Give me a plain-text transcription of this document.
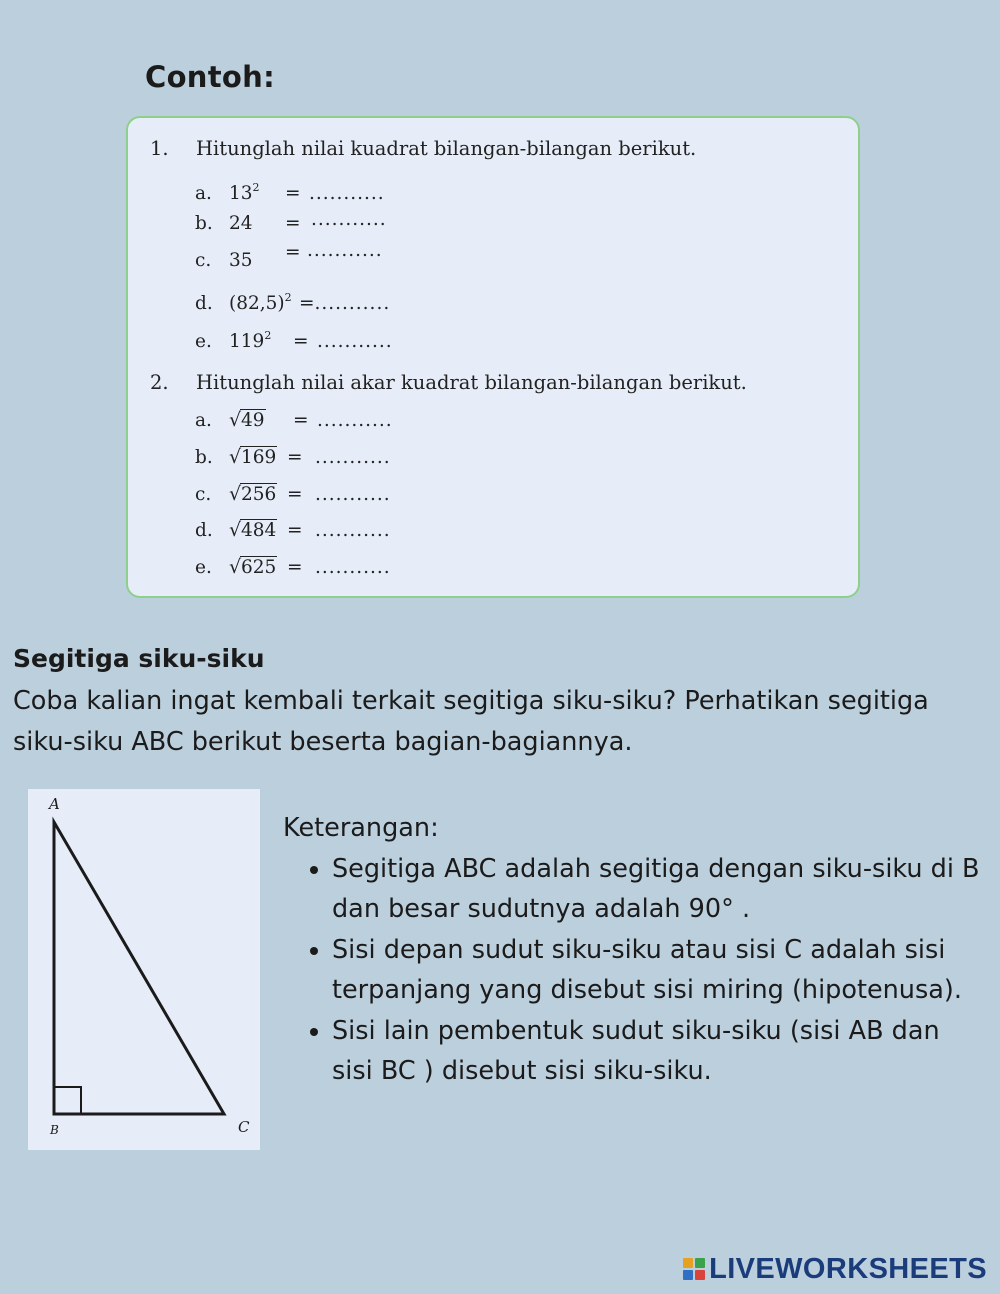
Contoh:
1. Hitunglah nilai kuadrat bilangan-bilangan berikut.
a. $13^2$ = ...........
b. 24 = ...........
c. 35 = ...........
d. $(82,5)^2$ =...........
e. $119^2$ = ...........
2. Hitunglah nilai akar kuadrat bilangan-bilangan berikut.
a. √ 49 = ...........
b. √ 169 = ...........
c. √ 256 = ...........
d. √ 484 = ...........
e. √ 625 = ...........
Segitiga siku-siku
Coba kalian ingat kembali terkait segitiga siku-siku? Perhatikan segitiga siku-siku ABC berikut beserta bagian-bagiannya.
A
B	C
Keterangan:
• Segitiga ABC adalah segitiga dengan siku-siku di B dan besar sudutnya adalah 90° .
• Sisi depan sudut siku-siku atau sisi C adalah sisi terpanjang yang disebut sisi miring (hipotenusa).
• Sisi lain pembentuk sudut siku-siku (sisi AB dan sisi BC ) disebut sisi siku-siku.
LIVEWORKSHEETS
